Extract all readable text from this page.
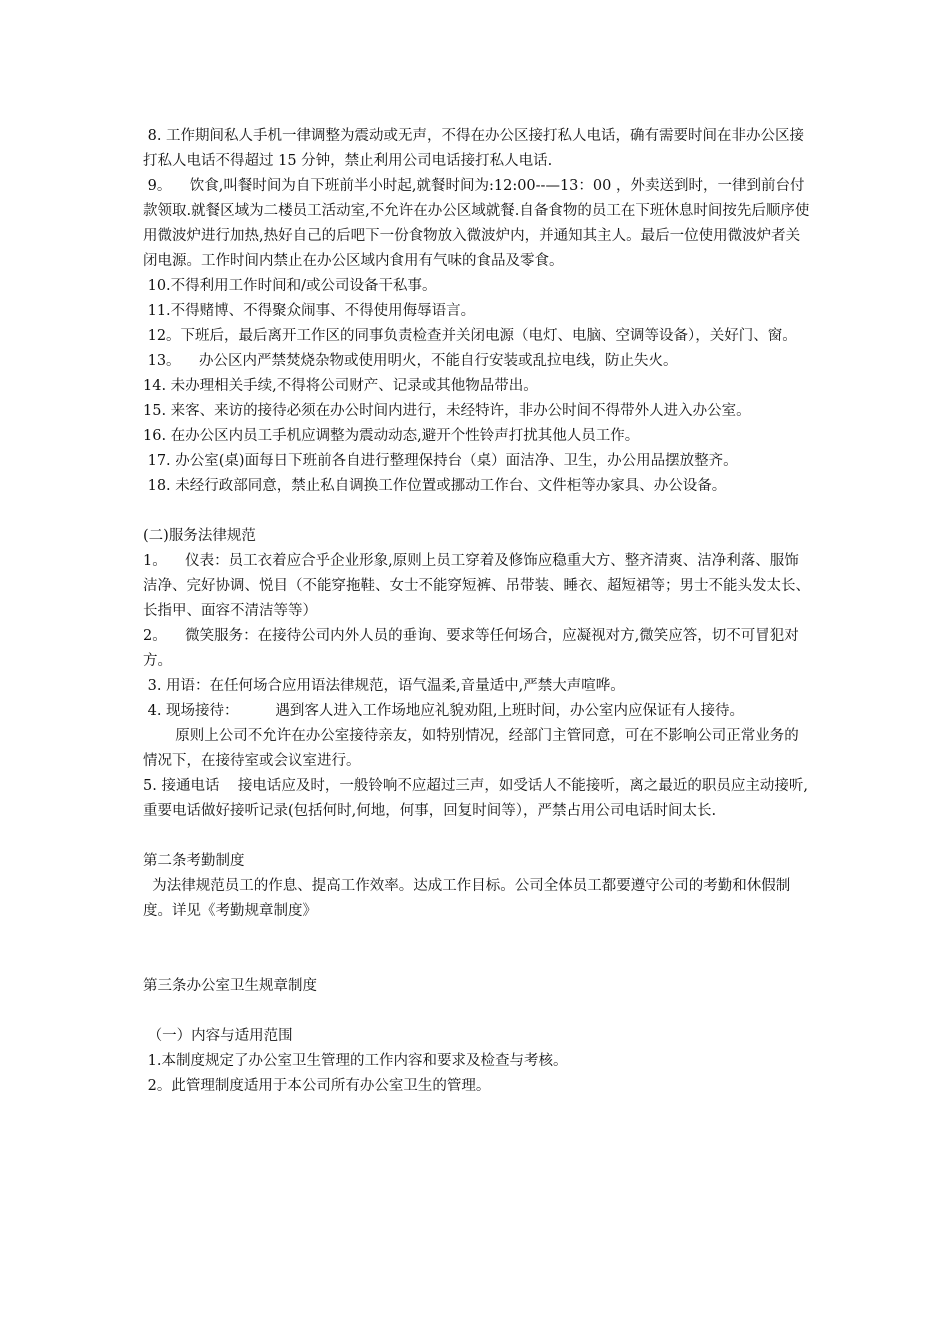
8. 工作期间私人手机一律调整为震动或无声，不得在办公区接打私人电话，确有需要时间在非办公区接打私人电话不得超过 15 分钟，禁止利用公司电话接打私人电话.

9。    饮食,叫餐时间为自下班前半小时起,就餐时间为:12:00--—13：00 ，外卖送到时，一律到前台付款领取.就餐区域为二楼员工活动室,不允许在办公区域就餐.自备食物的员工在下班休息时间按先后顺序使用微波炉进行加热,热好自己的后吧下一份食物放入微波炉内，并通知其主人。最后一位使用微波炉者关闭电源。工作时间内禁止在办公区域内食用有气味的食品及零食。

10.不得利用工作时间和/或公司设备干私事。

11.不得赌博、不得聚众闹事、不得使用侮辱语言。

12。下班后，最后离开工作区的同事负责检查并关闭电源（电灯、电脑、空调等设备），关好门、窗。

13。    办公区内严禁焚烧杂物或使用明火，不能自行安装或乱拉电线，防止失火。

14. 未办理相关手续,不得将公司财产、记录或其他物品带出。

15. 来客、来访的接待必须在办公时间内进行，未经特许，非办公时间不得带外人进入办公室。

16. 在办公区内员工手机应调整为震动动态,避开个性铃声打扰其他人员工作。

17. 办公室(桌)面每日下班前各自进行整理保持台（桌）面洁净、卫生，办公用品摆放整齐。

18. 未经行政部同意，禁止私自调换工作位置或挪动工作台、文件柜等办家具、办公设备。

(二)服务法律规范

1。    仪表：员工衣着应合乎企业形象,原则上员工穿着及修饰应稳重大方、整齐清爽、洁净利落、服饰洁净、完好协调、悦目（不能穿拖鞋、女士不能穿短裤、吊带装、睡衣、超短裙等；男士不能头发太长、长指甲、面容不清洁等等）

2。    微笑服务：在接待公司内外人员的垂询、要求等任何场合，应凝视对方,微笑应答，切不可冒犯对方。

3. 用语：在任何场合应用语法律规范，语气温柔,音量适中,严禁大声喧哗。

4. 现场接待：        遇到客人进入工作场地应礼貌劝阻,上班时间，办公室内应保证有人接待。

原则上公司不允许在办公室接待亲友，如特别情况，经部门主管同意，可在不影响公司正常业务的情况下，在接待室或会议室进行。

5. 接通电话    接电话应及时，一般铃响不应超过三声，如受话人不能接听，离之最近的职员应主动接听,重要电话做好接听记录(包括何时,何地，何事，回复时间等），严禁占用公司电话时间太长.

第二条考勤制度

为法律规范员工的作息、提高工作效率。达成工作目标。公司全体员工都要遵守公司的考勤和休假制度。详见《考勤规章制度》

第三条办公室卫生规章制度

（一）内容与适用范围

1.本制度规定了办公室卫生管理的工作内容和要求及检查与考核。

2。此管理制度适用于本公司所有办公室卫生的管理。
